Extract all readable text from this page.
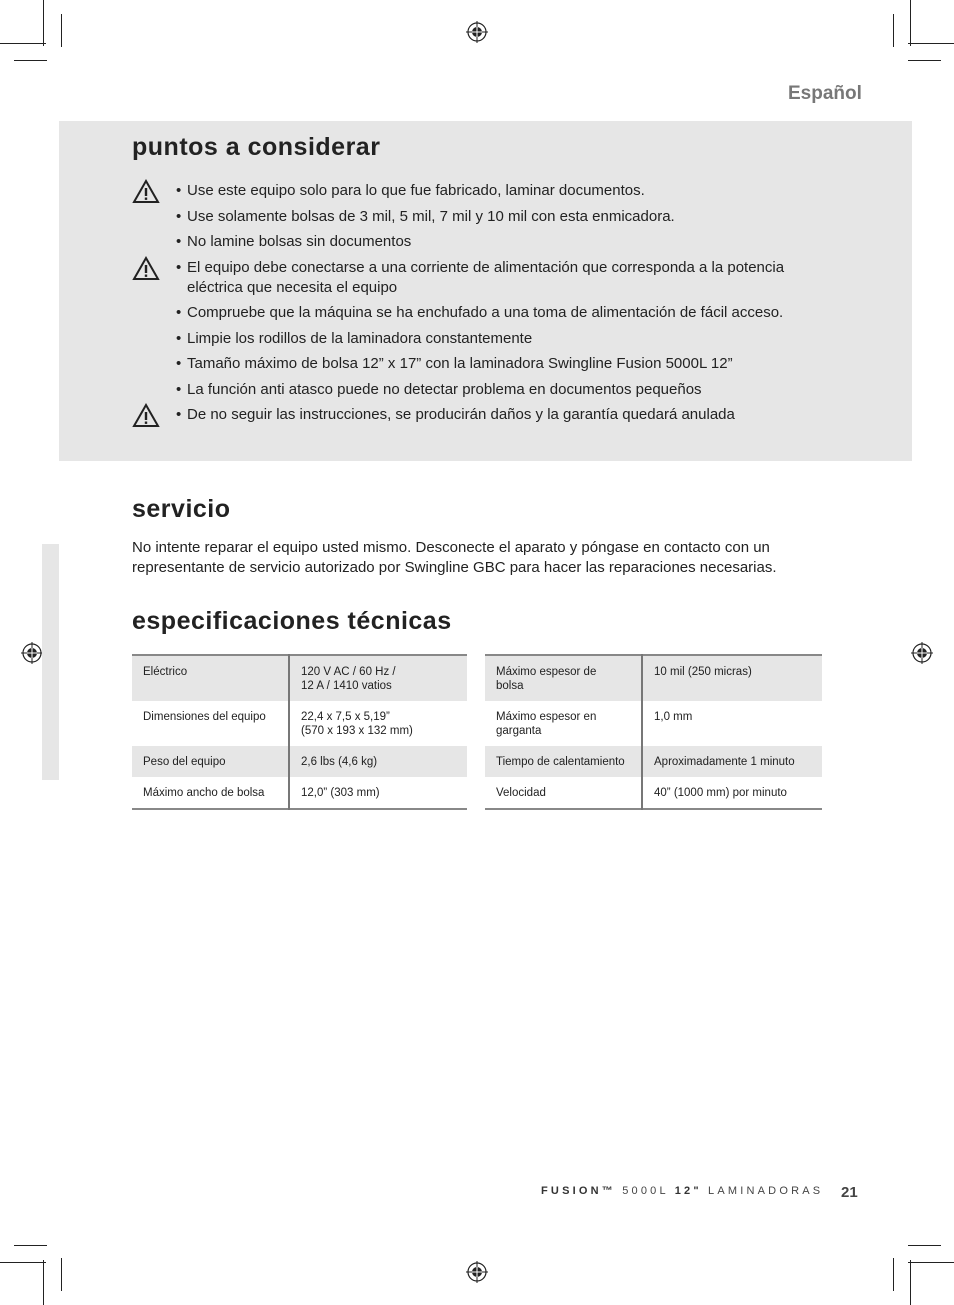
Español
puntos a considerar
• Use este equipo solo para lo que fue fabricado, laminar documentos.
• Use solamente bolsas de 3 mil, 5 mil, 7 mil y 10 mil con esta enmicadora.
• No lamine bolsas sin documentos
• El equipo debe conectarse a una corriente de alimentación que corresponda a la potencia eléctrica que necesita el equipo
• Compruebe que la máquina se ha enchufado a una toma de alimentación de fácil acceso.
• Limpie los rodillos de la laminadora constantemente
• Tamaño máximo de bolsa 12” x 17” con la laminadora Swingline Fusion 5000L 12”
• La función anti atasco puede no detectar problema en documentos pequeños
• De no seguir las instrucciones, se producirán daños y la garantía quedará anulada
servicio
No intente reparar el equipo usted mismo. Desconecte el aparato y póngase en contacto con un representante de servicio autorizado por Swingline GBC para hacer las reparaciones necesarias.
especificaciones técnicas
Eléctrico	120 V AC / 60 Hz /
12 A / 1410 vatios
Dimensiones del equipo	22,4 x 7,5 x 5,19”
(570 x 193 x 132 mm)
Peso del equipo	2,6 lbs (4,6 kg)
Máximo ancho de bolsa	12,0” (303 mm)
Máximo espesor de
bolsa	10 mil (250 micras)
Máximo espesor en
garganta	1,0 mm
Tiempo de calentamiento	Aproximadamente 1 minuto
Velocidad	40” (1000 mm) por minuto
FUSION™ 5000L 12" LAMINADORAS 21
